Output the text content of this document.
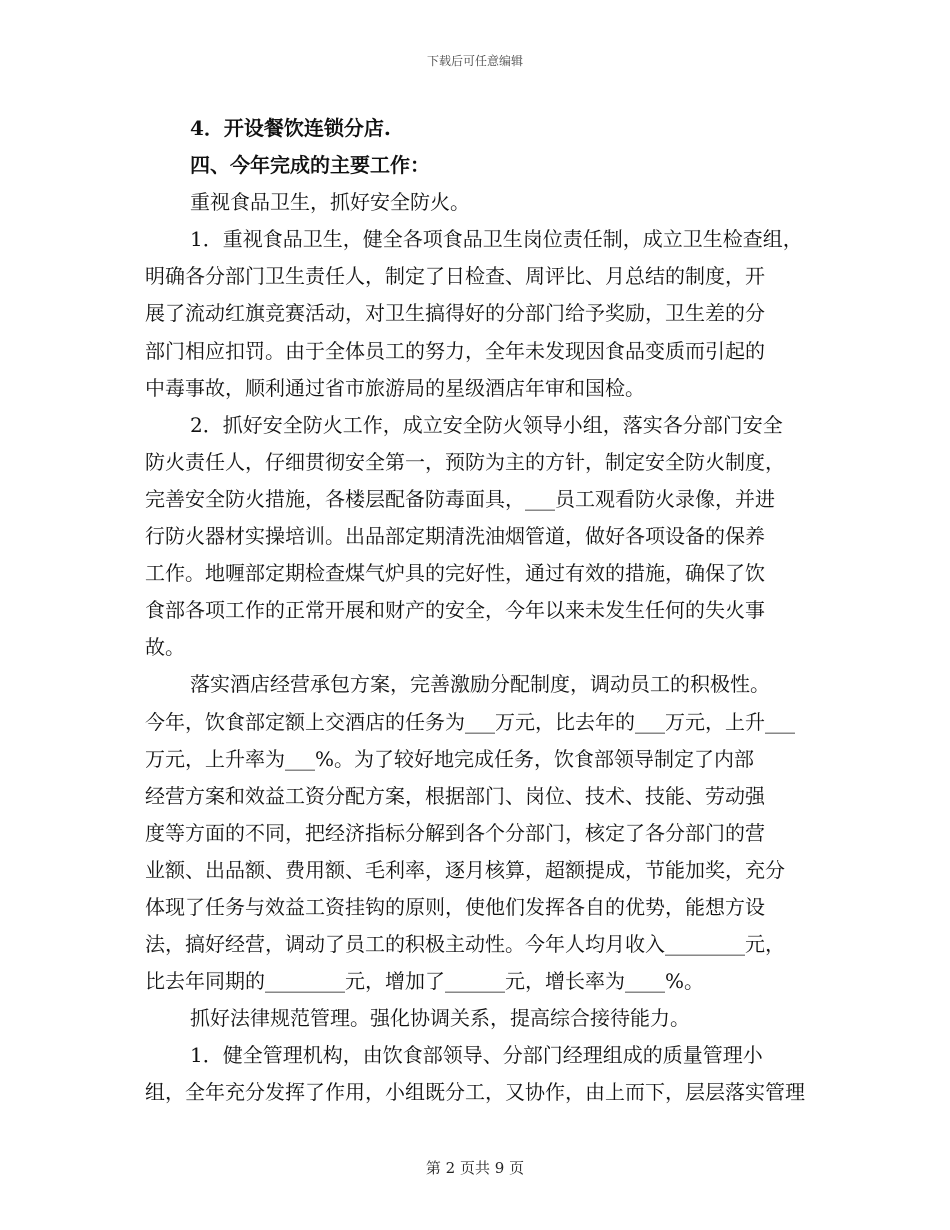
下载后可任意编辑
4．开设餐饮连锁分店.
四、今年完成的主要工作：
重视食品卫生，抓好安全防火。
1．重视食品卫生，健全各项食品卫生岗位责任制，成立卫生检查组，
明确各分部门卫生责任人，制定了日检查、周评比、月总结的制度，开
展了流动红旗竞赛活动，对卫生搞得好的分部门给予奖励，卫生差的分
部门相应扣罚。由于全体员工的努力，全年未发现因食品变质而引起的
中毒事故，顺利通过省市旅游局的星级酒店年审和国检。
2．抓好安全防火工作，成立安全防火领导小组，落实各分部门安全
防火责任人，仔细贯彻安全第一，预防为主的方针，制定安全防火制度，
完善安全防火措施，各楼层配备防毒面具，___员工观看防火录像，并进
行防火器材实操培训。出品部定期清洗油烟管道，做好各项设备的保养
工作。地喱部定期检查煤气炉具的完好性，通过有效的措施，确保了饮
食部各项工作的正常开展和财产的安全，今年以来未发生任何的失火事
故。
落实酒店经营承包方案，完善激励分配制度，调动员工的积极性。
今年，饮食部定额上交酒店的任务为___万元，比去年的___万元，上升___
万元，上升率为___%。为了较好地完成任务，饮食部领导制定了内部
经营方案和效益工资分配方案，根据部门、岗位、技术、技能、劳动强
度等方面的不同，把经济指标分解到各个分部门，核定了各分部门的营
业额、出品额、费用额、毛利率，逐月核算，超额提成，节能加奖，充分
体现了任务与效益工资挂钩的原则，使他们发挥各自的优势，能想方设
法，搞好经营，调动了员工的积极主动性。今年人均月收入________元，
比去年同期的________元，增加了______元，增长率为____%。
抓好法律规范管理。强化协调关系，提高综合接待能力。
1．健全管理机构，由饮食部领导、分部门经理组成的质量管理小
组，全年充分发挥了作用，小组既分工，又协作，由上而下，层层落实管理
第 2 页共 9 页
